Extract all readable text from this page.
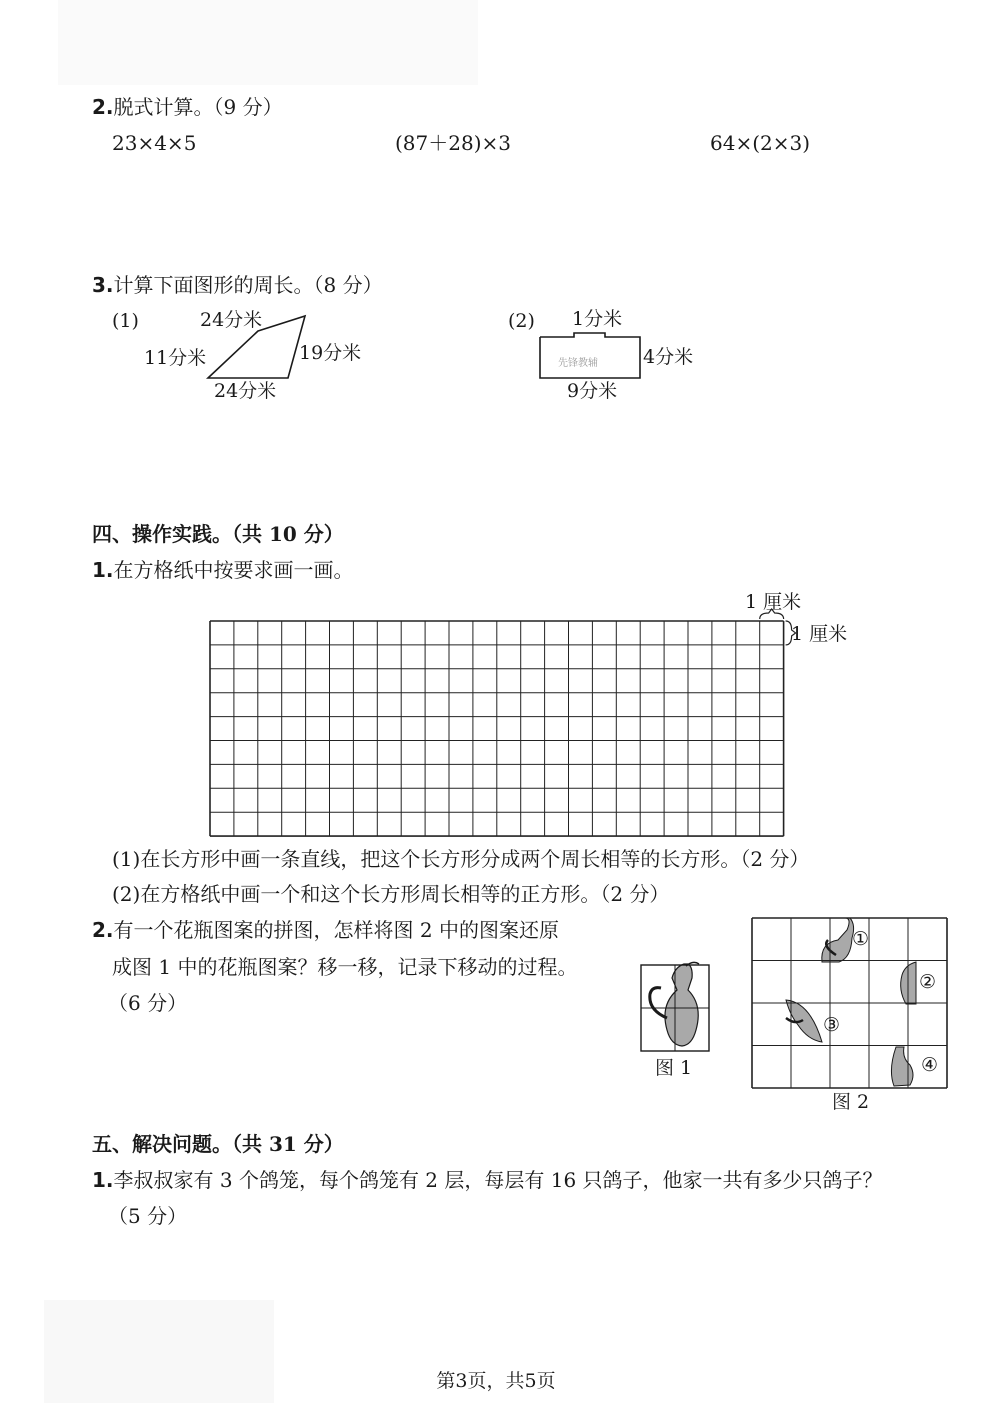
2.脱式计算。（9 分）
23×4×5	(87＋28)×3	64×(2×3)
3.计算下面图形的周长。（8 分）
(1)	24分米
11分米	19分米
24分米
(2) 1分米
4分米
9分米
先锋教辅
四、操作实践。（共 10 分）
1.在方格纸中按要求画一画。
1 厘米
1 厘米
(1)在长方形中画一条直线，把这个长方形分成两个周长相等的长方形。（2 分）
(2)在方格纸中画一个和这个长方形周长相等的正方形。（2 分）
2.有一个花瓶图案的拼图，怎样将图 2 中的图案还原
成图 1 中的花瓶图案？移一移，记录下移动的过程。
（6 分）
图 1
①
②
③
④
图 2
五、解决问题。（共 31 分）
1.李叔叔家有 3 个鸽笼，每个鸽笼有 2 层，每层有 16 只鸽子，他家一共有多少只鸽子？
（5 分）
第3页，共5页
